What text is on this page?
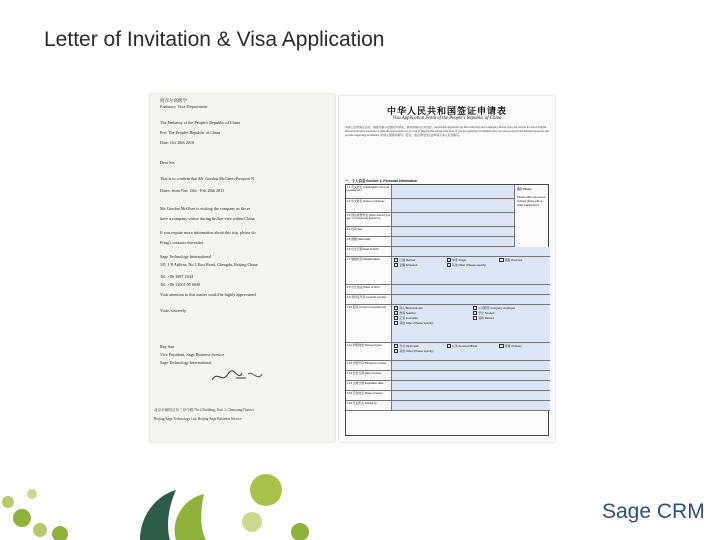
Letter of Invitation & Visa Application
阿赤尔高级学
Embassy Visa Department
The Embassy of the People's Republic of China
Pro: The Peoples Republic of China
Date: Oct 28th 2010
Dear Sir,
This is to confirm that Mr. Gordon McGhee (Passport N
Dates: from Nov 15th - Feb 28th 2011
Mr. Gordon McGhee is visiting the company as the re
have a company visitor during his/her visit within China.
If you require more information about this trip, please do
Fring's contacts thereafter
Sage Technology International
3/F, 1-8 Aplisse, No.1 East Road, Chengdu, Beijing China
Tel: +86 1087 1044
Tel: +86 13001 05 6049
Your attention to this matter would be highly appreciated
Yours sincerely,
Ray Sun
Vice President, Sage Business Service
Sage Technology International
北京市朝阳区东三环中路 No.2 Building, Unit 1, Chaoyang District
Beijing Sage Technology Ltd, Beijing Sage Business Service
中华人民共和国签证申请表
Visa Application Form of the People's Republic of China
申请人在申请签证时，须提交填写完整的申请表，请逐项填写所有内容。Applicants should fill out this form truly and completely. Please type your answer in capital English letters in the space provided or print the appropriate box. In case of inapplicable please write N/A. If you are applying for multiple entry visa please specify the intended purposes and provide supporting documents. 申请人须如实填写，签名、备注等内容应由申请人本人亲自填写。
一、个人信息 Section 1: Personal information
照片 Photo
Please affix one recent colored photo with a white background
1.1 英文姓名 Full English name as in passport
1.2 中文姓名 Name in Chinese
1.3 别名或曾用名 Other names you are, or previously known by
1.4 性别 Sex
1.5 国籍 Nationality
1.6 出生日期 Date of birth
1.7 婚姻状况 Marital status	已婚 Married	单身 Single	离婚 Divorced
丧偶 Widowed	其他 Other (Please specify)
1.8 出生地点 Place of birth
1.9 身份证号码 Local ID number
1.10 职业 Current occupation(s)	商人 Businessman	公司职员 Company employee
教师 Teacher	学生 Student
记者 Journalist	退休 Retired
其他 Other (Please specify)
1.11 护照种类 Passport type	外交 Diplomatic	公务 Service/Official	普通 Ordinary
其他 Other (Please specify)
1.12 护照号码 Passport number
1.13 签发日期 Date of issue
1.14 失效日期 Expiration date
1.15 签发地点 Place of issue
1.16 发证机关 Issued by
Sage CRM
